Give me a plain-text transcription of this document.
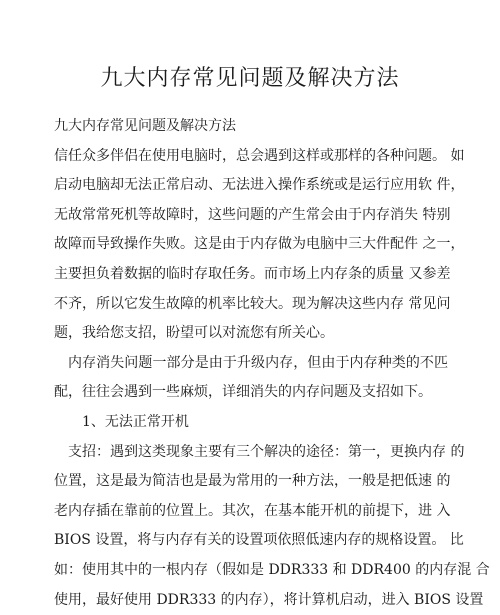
九大内存常见问题及解决方法
九大内存常见问题及解决方法
信任众多伴侣在使用电脑时，总会遇到这样或那样的各种问题。 如
启动电脑却无法正常启动、无法进入操作系统或是运行应用软 件，
无故常常死机等故障时，这些问题的产生常会由于内存消失 特别
故障而导致操作失败。这是由于内存做为电脑中三大件配件 之一，
主要担负着数据的临时存取任务。而市场上内存条的质量 又参差
不齐，所以它发生故障的机率比较大。现为解决这些内存 常见问
题，我给您支招，盼望可以对流您有所关心。
内存消失问题一部分是由于升级内存，但由于内存种类的不匹
配，往往会遇到一些麻烦，详细消失的内存问题及支招如下。
1、无法正常开机
支招：遇到这类现象主要有三个解决的途径：第一，更换内存 的
位置，这是最为简洁也是最为常用的一种方法，一般是把低速 的
老内存插在靠前的位置上。其次，在基本能开机的前提下，进 入
BIOS 设置，将与内存有关的设置项依照低速内存的规格设置。 比
如：使用其中的一根内存（假如是 DDR333 和 DDR400 的内存混 合
使用，最好使用 DDR333 的内存），将计算机启动，进入 BIOS 设置
